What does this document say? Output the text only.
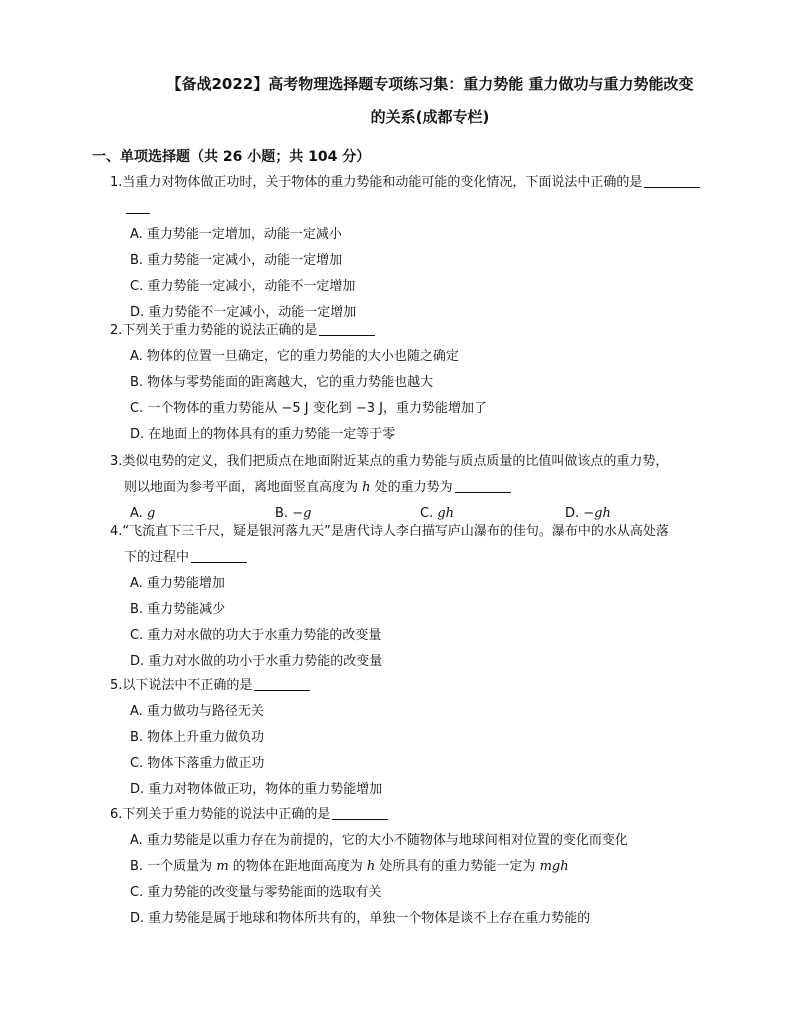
【备战2022】高考物理选择题专项练习集：重力势能 重力做功与重力势能改变
的关系(成都专栏)
一、单项选择题（共 26 小题；共 104 分）
1.当重力对物体做正功时，关于物体的重力势能和动能可能的变化情况，下面说法中正确的是
A. 重力势能一定增加，动能一定减小
B. 重力势能一定减小，动能一定增加
C. 重力势能一定减小，动能不一定增加
D. 重力势能不一定减小，动能一定增加
2.下列关于重力势能的说法正确的是
A. 物体的位置一旦确定，它的重力势能的大小也随之确定
B. 物体与零势能面的距离越大，它的重力势能也越大
C. 一个物体的重力势能从 −5 J 变化到 −3 J，重力势能增加了
D. 在地面上的物体具有的重力势能一定等于零
3.类似电势的定义，我们把质点在地面附近某点的重力势能与质点质量的比值叫做该点的重力势，
则以地面为参考平面，离地面竖直高度为 h 处的重力势为
A. g	B. −g	C. gh	D. −gh
4.“飞流直下三千尺，疑是银河落九天”是唐代诗人李白描写庐山瀑布的佳句。瀑布中的水从高处落
下的过程中
A. 重力势能增加
B. 重力势能减少
C. 重力对水做的功大于水重力势能的改变量
D. 重力对水做的功小于水重力势能的改变量
5.以下说法中不正确的是
A. 重力做功与路径无关
B. 物体上升重力做负功
C. 物体下落重力做正功
D. 重力对物体做正功，物体的重力势能增加
6.下列关于重力势能的说法中正确的是
A. 重力势能是以重力存在为前提的，它的大小不随物体与地球间相对位置的变化而变化
B. 一个质量为 m 的物体在距地面高度为 h 处所具有的重力势能一定为 mgh
C. 重力势能的改变量与零势能面的选取有关
D. 重力势能是属于地球和物体所共有的，单独一个物体是谈不上存在重力势能的
